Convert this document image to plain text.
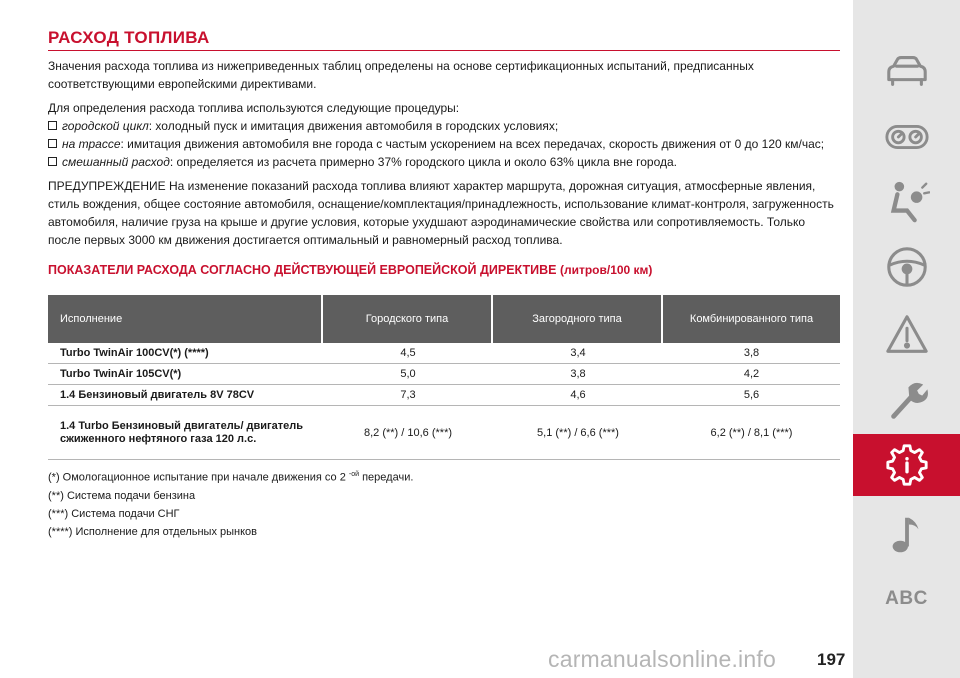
РАСХОД ТОПЛИВА

Значения расхода топлива из нижеприведенных таблиц определены на основе сертификационных испытаний, предписанных соответствующими европейскими директивами.

Для определения расхода топлива используются следующие процедуры:

городской цикл: холодный пуск и имитация движения автомобиля в городских условиях;
на трассе: имитация движения автомобиля вне города с частым ускорением на всех передачах, скорость движения от 0 до 120 км/час;
смешанный расход: определяется из расчета примерно 37% городского цикла и около 63% цикла вне города.

ПРЕДУПРЕЖДЕНИЕ На изменение показаний расхода топлива влияют характер маршрута, дорожная ситуация, атмосферные явления, стиль вождения, общее состояние автомобиля, оснащение/комплектация/принадлежность, использование климат-контроля, загруженность автомобиля, наличие груза на крыше и другие условия, которые ухудшают аэродинамические свойства или сопротивляемость. Только после первых 3000 км движения достигается оптимальный и равномерный расход топлива.

ПОКАЗАТЕЛИ РАСХОДА СОГЛАСНО ДЕЙСТВУЮЩЕЙ ЕВРОПЕЙСКОЙ ДИРЕКТИВЕ (литров/100 км)
Исполнение	Городского типа	Загородного типа	Комбинированного типа
Turbo TwinAir 100CV(*) (****)	4,5	3,4	3,8
Turbo TwinAir 105CV(*)	5,0	3,8	4,2
1.4 Бензиновый двигатель 8V 78CV	7,3	4,6	5,6
1.4 Turbo Бензиновый двигатель/ двигатель сжиженного нефтяного газа 120 л.с.	8,2 (**) / 10,6 (***)	5,1 (**) / 6,6 (***)	6,2 (**) / 8,1 (***)
(*) Омологационное испытание при начале движения со 2 $^{-ой}$ передачи.
(**) Система подачи бензина
(***) Система подачи СНГ
(****) Исполнение для отдельных рынков
ABC
carmanualsonline.info 197
